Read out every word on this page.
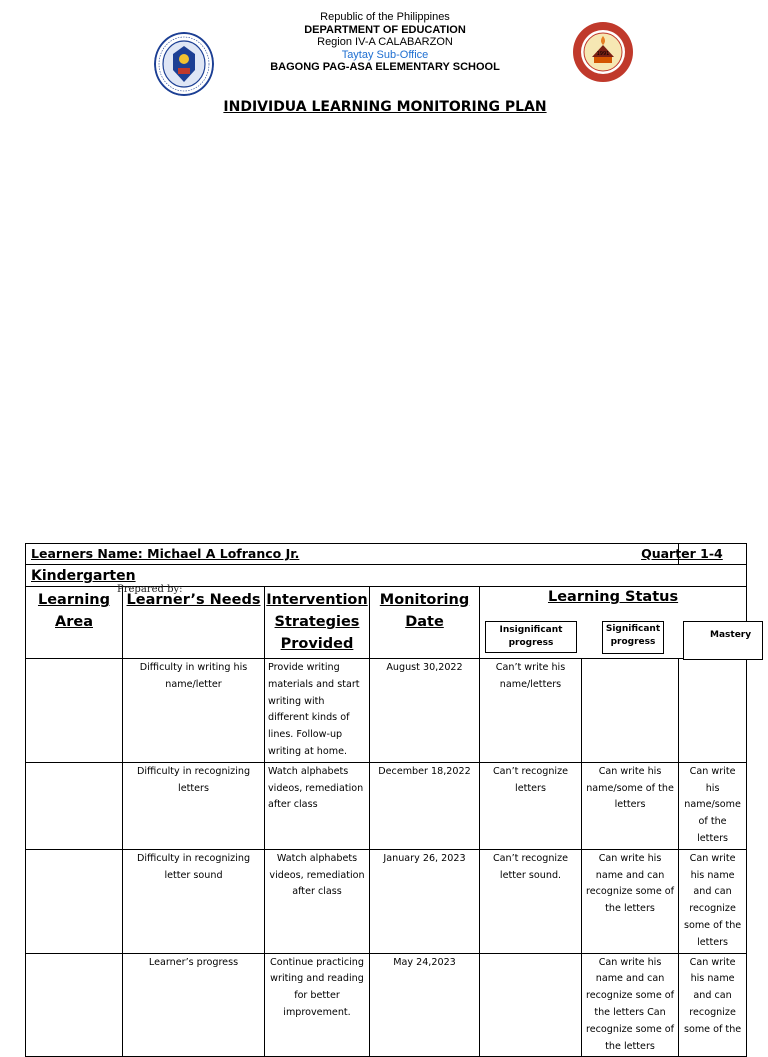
Republic of the Philippines
DEPARTMENT OF EDUCATION
Region IV-A CALABARZON
Taytay Sub-Office
BAGONG PAG-ASA ELEMENTARY SCHOOL
1991
INDIVIDUA LEARNING MONITORING PLAN
Learners Name: Michael A Lofranco Jr.						Quarter 1-4
Kindergarten						
Learning Area	Learner’s Needs	Intervention Strategies Provided	Monitoring Date	Learning Status
Insignificant progress
Significant progress
Mastery		

	Difficulty in writing his name/letter	Provide writing materials and start writing with different kinds of lines. Follow-up writing at home.	August 30,2022	Can’t write his name/letters		
	Difficulty in recognizing letters	Watch alphabets videos, remediation after class	December 18,2022	Can’t recognize letters	Can write his name/some of the letters	Can write his name/some of the letters
	Difficulty in recognizing letter sound	Watch alphabets videos, remediation after class	January 26, 2023	Can’t recognize letter sound.	Can write his name and can recognize some of the letters	Can write his name and can recognize some of the letters
	Learner’s progress	Continue practicing writing and reading for better improvement.	May 24,2023		Can write his name and can recognize some of the letters Can recognize some of the letters	Can write his name and can recognize some of the
Prepared by:
